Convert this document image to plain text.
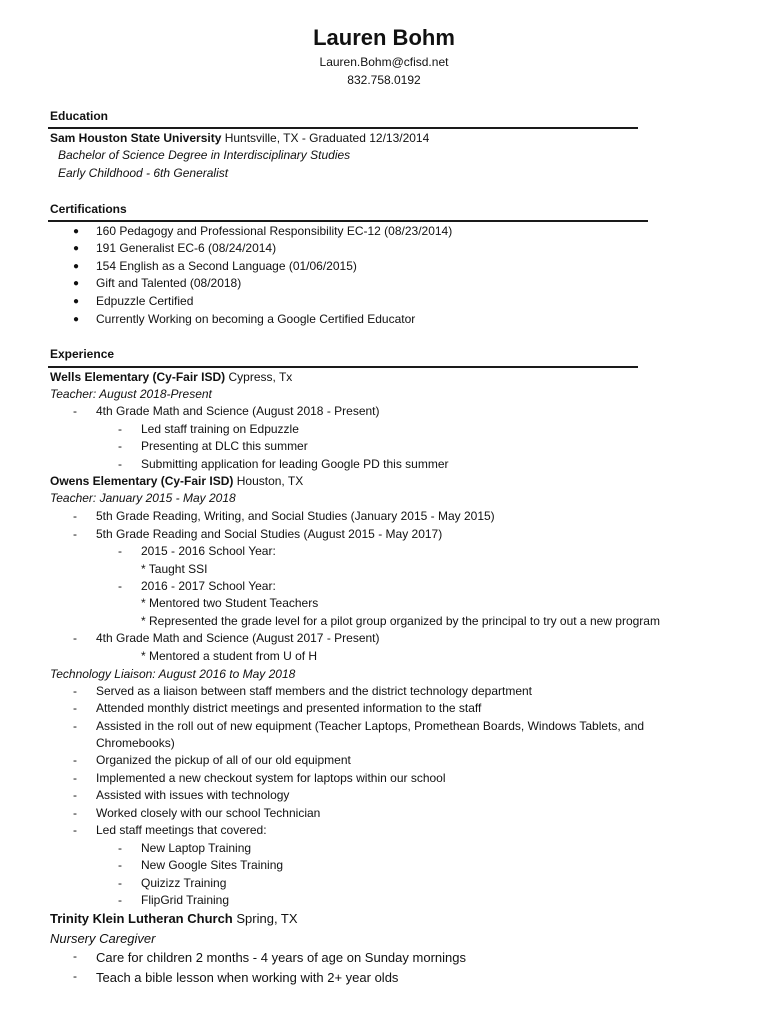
Lauren Bohm
Lauren.Bohm@cfisd.net
832.758.0192
Education
Sam Houston State University Huntsville, TX - Graduated 12/13/2014
Bachelor of Science Degree in Interdisciplinary Studies
Early Childhood - 6th Generalist
Certifications
● 160 Pedagogy and Professional Responsibility EC-12 (08/23/2014)
● 191 Generalist EC-6 (08/24/2014)
● 154 English as a Second Language (01/06/2015)
● Gift and Talented (08/2018)
● Edpuzzle Certified
● Currently Working on becoming a Google Certified Educator
Experience
Wells Elementary (Cy-Fair ISD) Cypress, Tx
Teacher: August 2018-Present
- 4th Grade Math and Science (August 2018 - Present)
- Led staff training on Edpuzzle
- Presenting at DLC this summer
- Submitting application for leading Google PD this summer
Owens Elementary (Cy-Fair ISD) Houston, TX
Teacher: January 2015 - May 2018
- 5th Grade Reading, Writing, and Social Studies (January 2015 - May 2015)
- 5th Grade Reading and Social Studies (August 2015 - May 2017)
- 2015 - 2016 School Year:
* Taught SSI
- 2016 - 2017 School Year:
* Mentored two Student Teachers
* Represented the grade level for a pilot group organized by the principal to try out a new program
- 4th Grade Math and Science (August 2017 - Present)
* Mentored a student from U of H
Technology Liaison: August 2016 to May 2018
- Served as a liaison between staff members and the district technology department
- Attended monthly district meetings and presented information to the staff
- Assisted in the roll out of new equipment (Teacher Laptops, Promethean Boards, Windows Tablets, and
Chromebooks)
- Organized the pickup of all of our old equipment
- Implemented a new checkout system for laptops within our school
- Assisted with issues with technology
- Worked closely with our school Technician
- Led staff meetings that covered:
- New Laptop Training
- New Google Sites Training
- Quizizz Training
- FlipGrid Training
Trinity Klein Lutheran Church Spring, TX
Nursery Caregiver
- Care for children 2 months - 4 years of age on Sunday mornings
- Teach a bible lesson when working with 2+ year olds
